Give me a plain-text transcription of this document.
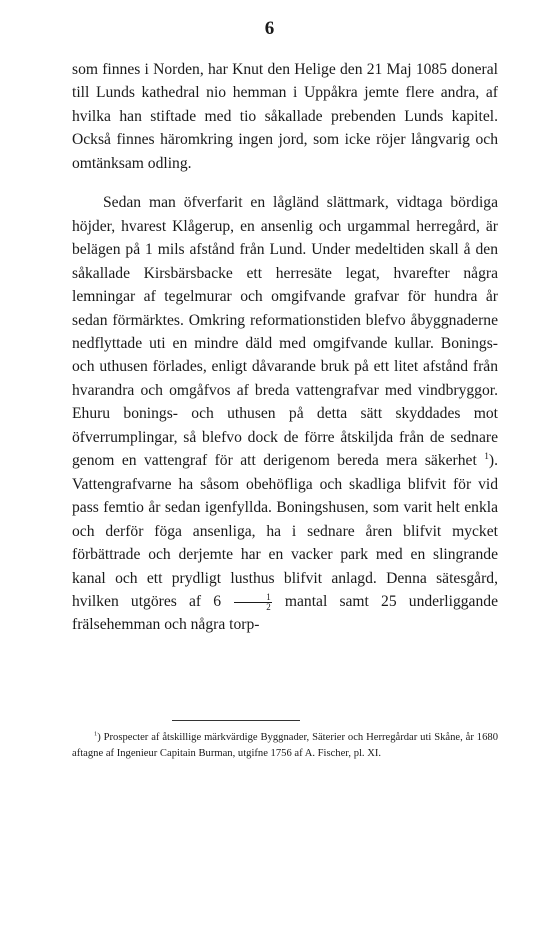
6

som finnes i Norden, har Knut den Helige den 21 Maj 1085 doneral till Lunds kathedral nio hemman i Uppåkra jemte flere andra, af hvilka han stiftade med tio såkallade prebenden Lunds kapitel. Också finnes häromkring ingen jord, som icke röjer långvarig och omtänksam odling.

Sedan man öfverfarit en lågländ slättmark, vidtaga bördiga höjder, hvarest Klågerup, en ansenlig och urgammal herregård, är belägen på 1 mils afstånd från Lund. Under medeltiden skall å den såkallade Kirsbärsbacke ett herresäte legat, hvarefter några lemningar af tegelmurar och omgifvande grafvar för hundra år sedan förmärktes. Omkring reformationstiden blefvo åbyggnaderne nedflyttade uti en mindre däld med omgifvande kullar. Bonings- och uthusen förlades, enligt dåvarande bruk på ett litet afstånd från hvarandra och omgåfvos af breda vattengrafvar med vindbryggor. Ehuru bonings- och uthusen på detta sätt skyddades mot öfverrumplingar, så blefvo dock de förre åtskiljda från de sednare genom en vattengraf för att derigenom bereda mera säkerhet $^1$). Vattengrafvarne ha såsom obehöfliga och skadliga blifvit för vid pass femtio år sedan igenfyllda. Boningshusen, som varit helt enkla och derför föga ansenliga, ha i sednare åren blifvit mycket förbättrade och derjemte har en vacker park med en slingrande kanal och ett prydligt lusthus blifvit anlagd. Denna sätesgård, hvilken utgöres af $6 \frac{1}{2}$ mantal samt 25 underliggande frälsehemman och några torp-

$^1$) Prospecter af åtskillige märkvärdige Byggnader, Säterier och Herregårdar uti Skåne, år 1680 aftagne af Ingenieur Capitain Burman, utgifne 1756 af A. Fischer, pl. XI.
